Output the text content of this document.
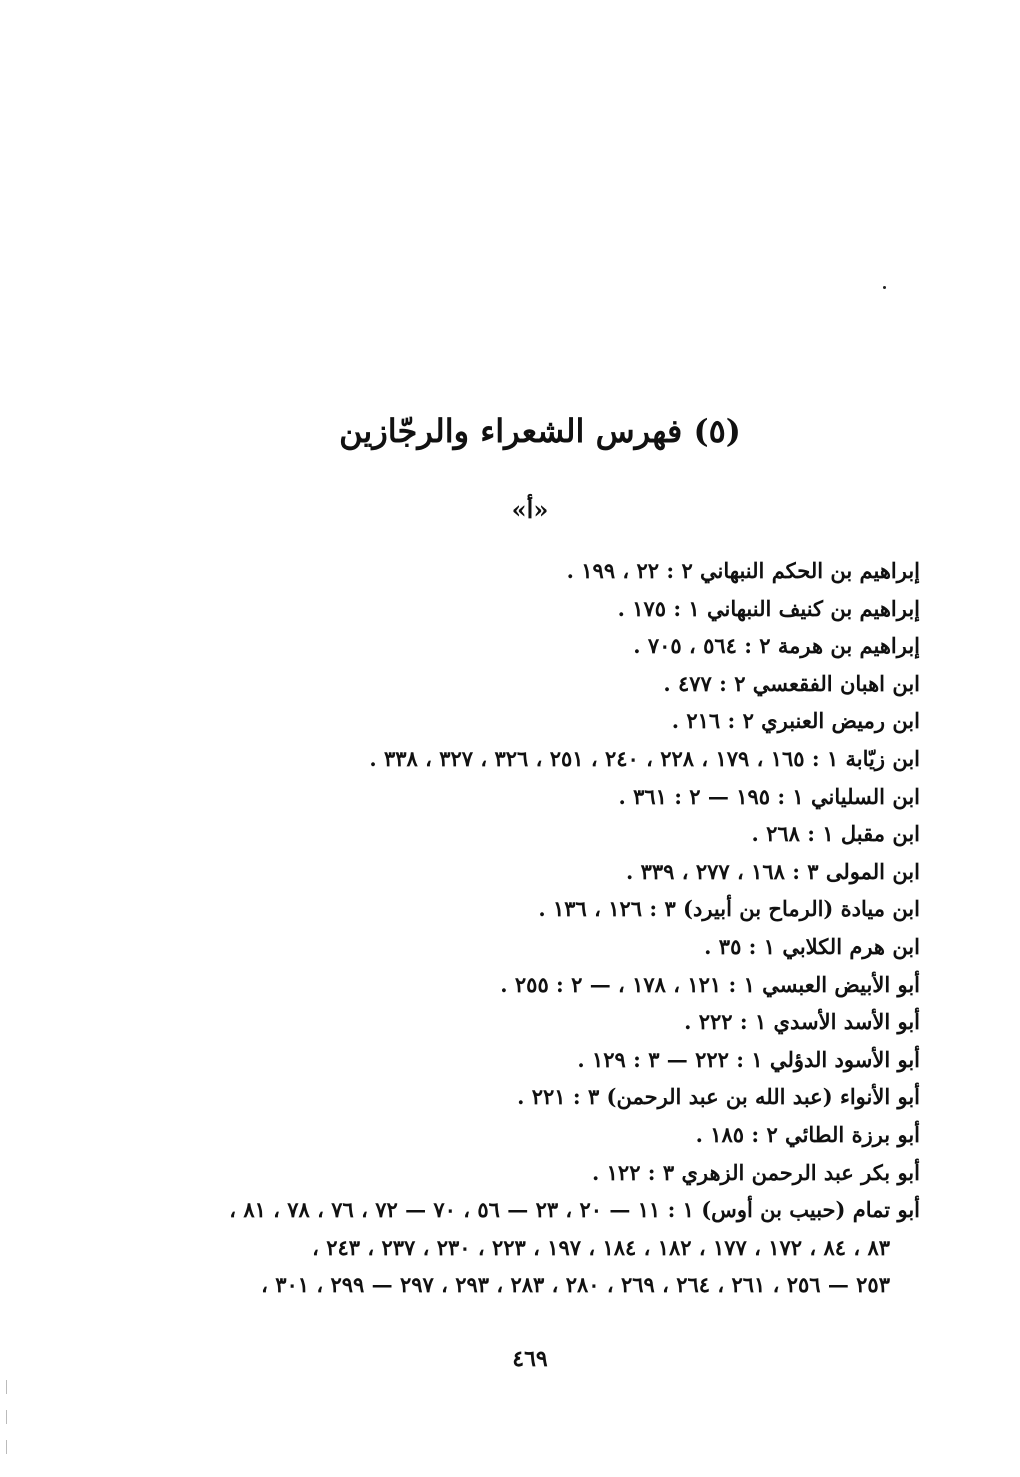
(٥) فهرس الشعراء والرجّازين
«أ»
إبراهيم بن الحكم النبهاني ٢ : ٢٢ ، ١٩٩ .
إبراهيم بن كنيف النبهاني ١ : ١٧٥ .
إبراهيم بن هرمة ٢ : ٥٦٤ ، ٧٠٥ .
ابن اهبان الفقعسي ٢ : ٤٧٧ .
ابن رميض العنبري ٢ : ٢١٦ .
ابن زيّابة ١ : ١٦٥ ، ١٧٩ ، ٢٢٨ ، ٢٤٠ ، ٢٥١ ، ٣٢٦ ، ٣٢٧ ، ٣٣٨ .
ابن السلياني ١ : ١٩٥ — ٢ : ٣٦١ .
ابن مقبل ١ : ٢٦٨ .
ابن المولى ٣ : ١٦٨ ، ٢٧٧ ، ٣٣٩ .
ابن ميادة (الرماح بن أبيرد) ٣ : ١٢٦ ، ١٣٦ .
ابن هرم الكلابي ١ : ٣٥ .
أبو الأبيض العبسي ١ : ١٢١ ، ١٧٨ ، — ٢ : ٢٥٥ .
أبو الأسد الأسدي ١ : ٢٢٢ .
أبو الأسود الدؤلي ١ : ٢٢٢ — ٣ : ١٢٩ .
أبو الأنواء (عبد الله بن عبد الرحمن) ٣ : ٢٢١ .
أبو برزة الطائي ٢ : ١٨٥ .
أبو بكر عبد الرحمن الزهري ٣ : ١٢٢ .
أبو تمام (حبيب بن أوس) ١ : ١١ — ٢٠ ، ٢٣ — ٥٦ ، ٧٠ — ٧٢ ، ٧٦ ، ٧٨ ، ٨١ ،
٨٣ ، ٨٤ ، ١٧٢ ، ١٧٧ ، ١٨٢ ، ١٨٤ ، ١٩٧ ، ٢٢٣ ، ٢٣٠ ، ٢٣٧ ، ٢٤٣ ،
٢٥٣ — ٢٥٦ ، ٢٦١ ، ٢٦٤ ، ٢٦٩ ، ٢٨٠ ، ٢٨٣ ، ٢٩٣ ، ٢٩٧ — ٢٩٩ ، ٣٠١ ،
٤٦٩
